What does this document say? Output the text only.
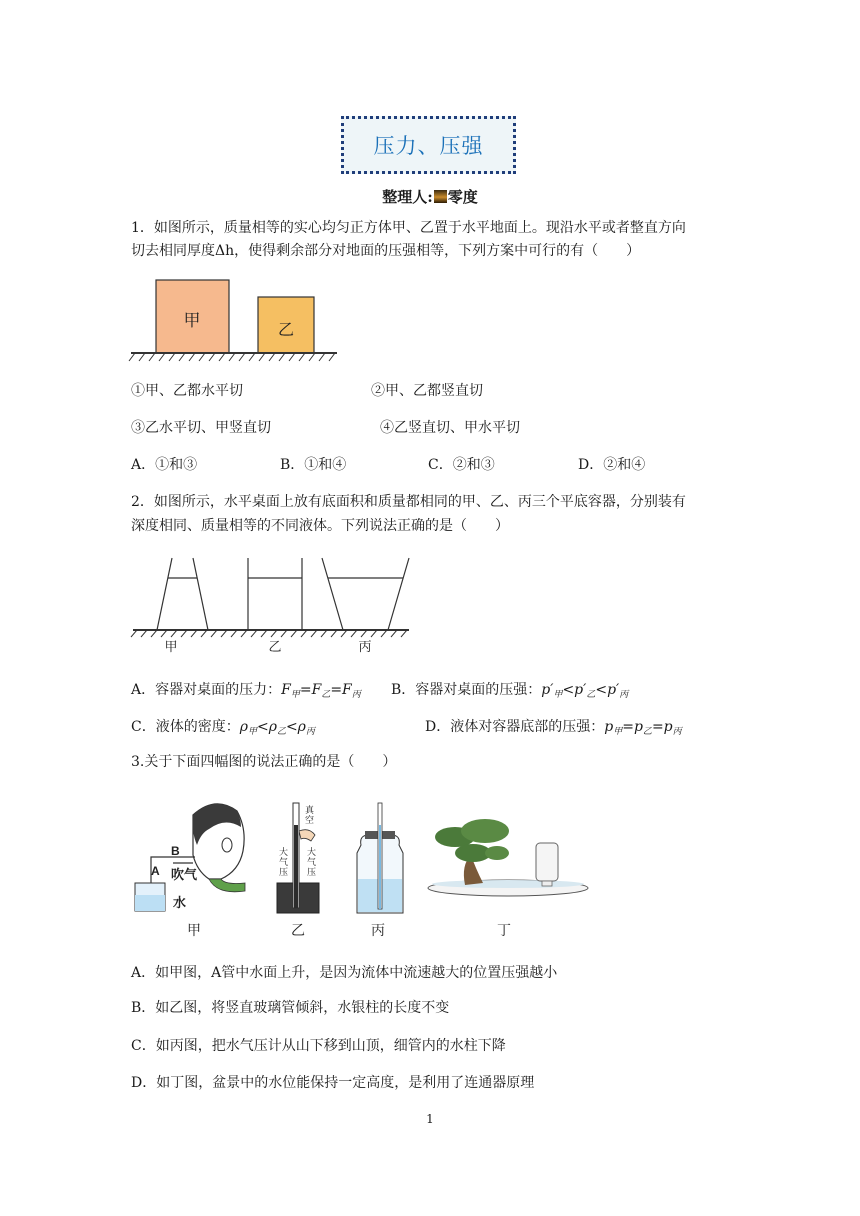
压力、压强
整理人: 零度
1．如图所示，质量相等的实心均匀正方体甲、乙置于水平地面上。现沿水平或者整直方向
切去相同厚度Δh，使得剩余部分对地面的压强相等，下列方案中可行的有（　　）
甲
乙
①甲、乙都水平切	②甲、乙都竖直切
③乙水平切、甲竖直切	④乙竖直切、甲水平切
A．①和③	B．①和④	C．②和③	D．②和④
2．如图所示，水平桌面上放有底面积和质量都相同的甲、乙、丙三个平底容器，分别装有
深度相同、质量相等的不同液体。下列说法正确的是（　　）
甲	乙	丙
A．容器对桌面的压力：$F_甲=F_乙=F_丙$ B．容器对桌面的压强：$p'_甲<p'_乙<p'_丙$
C．液体的密度：$\rho_甲<\rho_乙<\rho_丙$	D．液体对容器底部的压强：$p_甲=p_乙=p_丙$
3.关于下面四幅图的说法正确的是（　　）
B
A 吹气
水
甲
真
空
大
气
压
大
气
压
乙	丙	丁
A．如甲图，A管中水面上升，是因为流体中流速越大的位置压强越小
B．如乙图，将竖直玻璃管倾斜，水银柱的长度不变
C．如丙图，把水气压计从山下移到山顶，细管内的水柱下降
D．如丁图，盆景中的水位能保持一定高度，是利用了连通器原理
1
